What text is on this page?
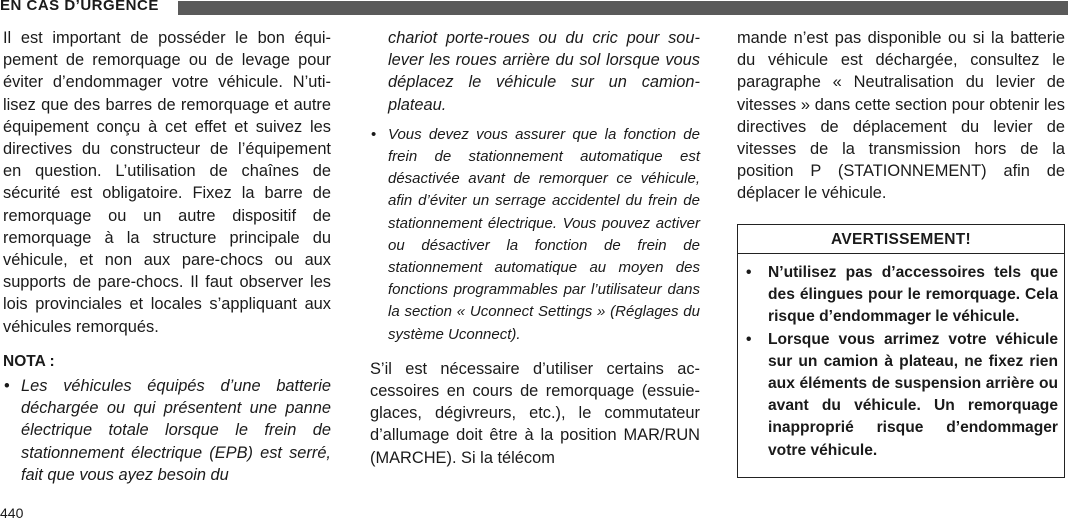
EN CAS D’URGENCE

Il est important de posséder le bon équipement de remorquage ou de levage pour éviter d’endommager votre véhicule. N’utilisez que des barres de remorquage et autre équipement conçu à cet effet et suivez les directives du constructeur de l’équipement en question. L’utilisation de chaînes de sécurité est obligatoire. Fixez la barre de remorquage ou un autre dispositif de remorquage à la structure principale du véhicule, et non aux pare-chocs ou aux supports de pare-chocs. Il faut observer les lois provinciales et locales s’appliquant aux véhicules remorqués.

NOTA :

• Les véhicules équipés d’une batterie déchargée ou qui présentent une panne électrique totale lorsque le frein de stationnement électrique (EPB) est serré, fait que vous ayez besoin du

chariot porte-roues ou du cric pour soulever les roues arrière du sol lorsque vous déplacez le véhicule sur un camion-plateau.

• Vous devez vous assurer que la fonction de frein de stationnement automatique est désactivée avant de remorquer ce véhicule, afin d’éviter un serrage accidentel du frein de stationnement électrique. Vous pouvez activer ou désactiver la fonction de frein de stationnement automatique au moyen des fonctions programmables par l’utilisateur dans la section « Uconnect Settings » (Réglages du système Uconnect).

S’il est nécessaire d’utiliser certains accessoires en cours de remorquage (essuie-glaces, dégivreurs, etc.), le commutateur d’allumage doit être à la position MAR/RUN (MARCHE). Si la télécom

mande n’est pas disponible ou si la batterie du véhicule est déchargée, consultez le paragraphe « Neutralisation du levier de vitesses » dans cette section pour obtenir les directives de déplacement du levier de vitesses de la transmission hors de la position P (STATIONNEMENT) afin de déplacer le véhicule.

AVERTISSEMENT!
• N’utilisez pas d’accessoires tels que des élingues pour le remorquage. Cela risque d’endommager le véhicule.
• Lorsque vous arrimez votre véhicule sur un camion à plateau, ne fixez rien aux éléments de suspension arrière ou avant du véhicule. Un remorquage inapproprié risque d’endommager votre véhicule.
440
